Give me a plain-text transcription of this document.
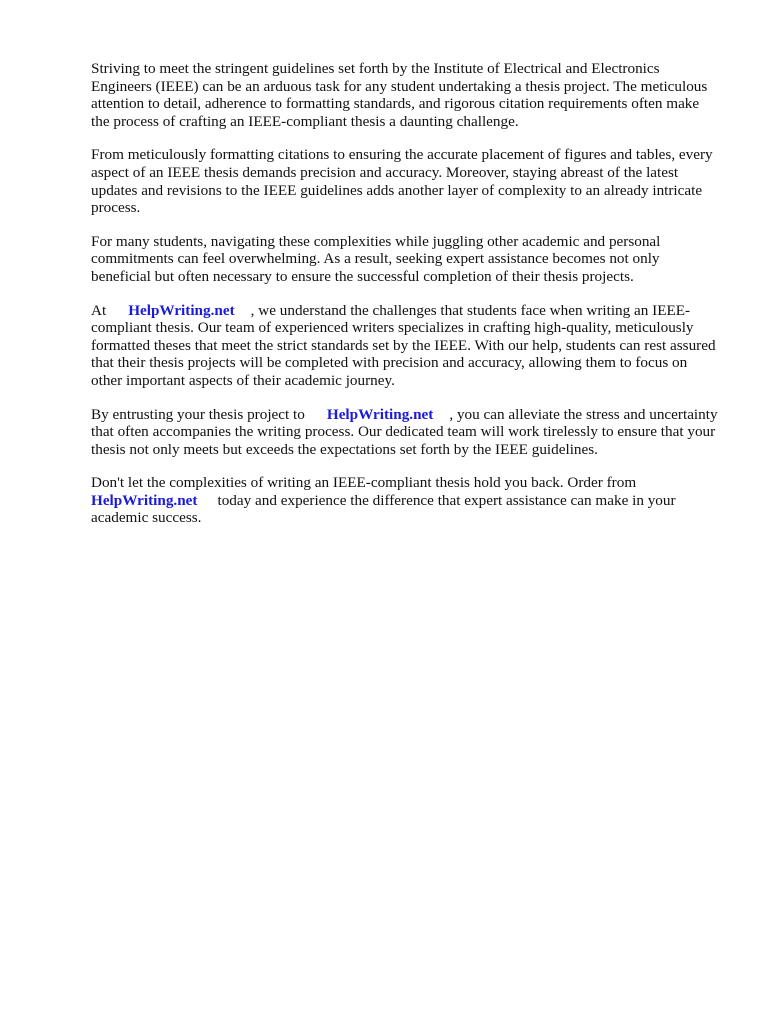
Striving to meet the stringent guidelines set forth by the Institute of Electrical and Electronics Engineers (IEEE) can be an arduous task for any student undertaking a thesis project. The meticulous attention to detail, adherence to formatting standards, and rigorous citation requirements often make the process of crafting an IEEE-compliant thesis a daunting challenge.

From meticulously formatting citations to ensuring the accurate placement of figures and tables, every aspect of an IEEE thesis demands precision and accuracy. Moreover, staying abreast of the latest updates and revisions to the IEEE guidelines adds another layer of complexity to an already intricate process.

For many students, navigating these complexities while juggling other academic and personal commitments can feel overwhelming. As a result, seeking expert assistance becomes not only beneficial but often necessary to ensure the successful completion of their thesis projects.

At HelpWriting.net , we understand the challenges that students face when writing an IEEE-compliant thesis. Our team of experienced writers specializes in crafting high-quality, meticulously formatted theses that meet the strict standards set by the IEEE. With our help, students can rest assured that their thesis projects will be completed with precision and accuracy, allowing them to focus on other important aspects of their academic journey.

By entrusting your thesis project to HelpWriting.net , you can alleviate the stress and uncertainty that often accompanies the writing process. Our dedicated team will work tirelessly to ensure that your thesis not only meets but exceeds the expectations set forth by the IEEE guidelines.

Don't let the complexities of writing an IEEE-compliant thesis hold you back. Order from HelpWriting.net today and experience the difference that expert assistance can make in your academic success.
